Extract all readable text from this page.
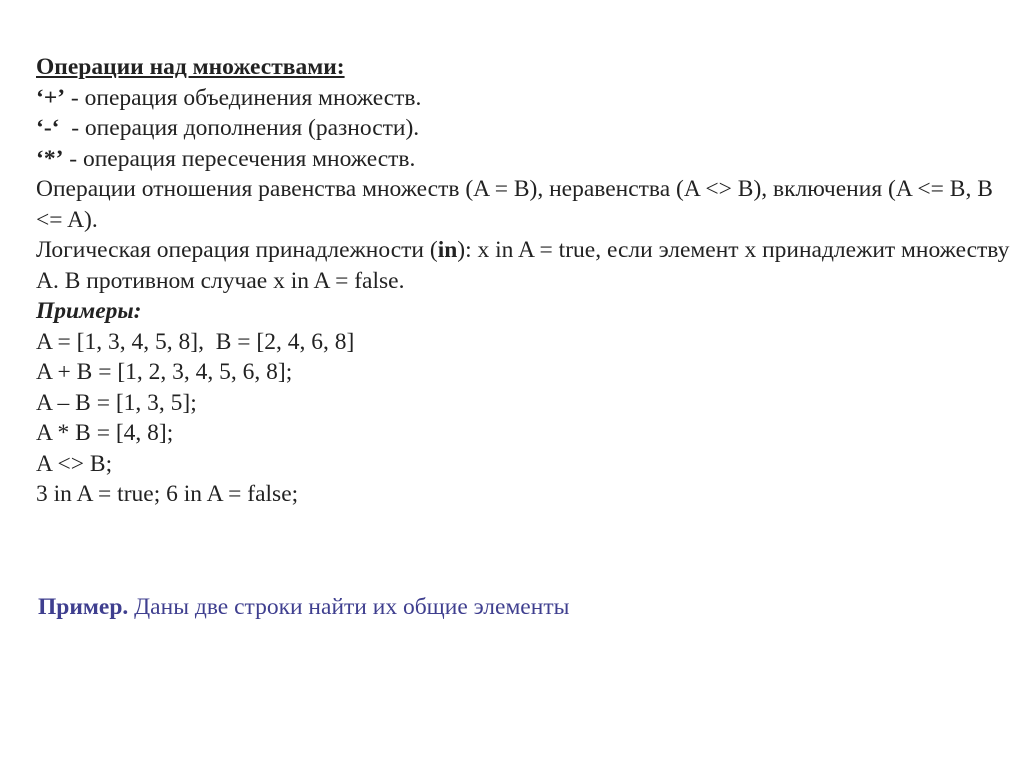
Операции над множествами:

‘+’ - операция объединения множеств.

‘-‘  - операция дополнения (разности).

‘*’ - операция пересечения множеств.

Операции отношения равенства множеств (A = B), неравенства (A <> B), включения (A <= B, B <= A).

Логическая операция принадлежности (in): x in A = true, если элемент x принадлежит множеству A. В противном случае x in A = false.

Примеры:

A = [1, 3, 4, 5, 8],  B = [2, 4, 6, 8]

A + B = [1, 2, 3, 4, 5, 6, 8];

A – B = [1, 3, 5];

A * B = [4, 8];

A <> B;

3 in A = true; 6 in A = false;

Пример. Даны две строки найти их общие элементы
